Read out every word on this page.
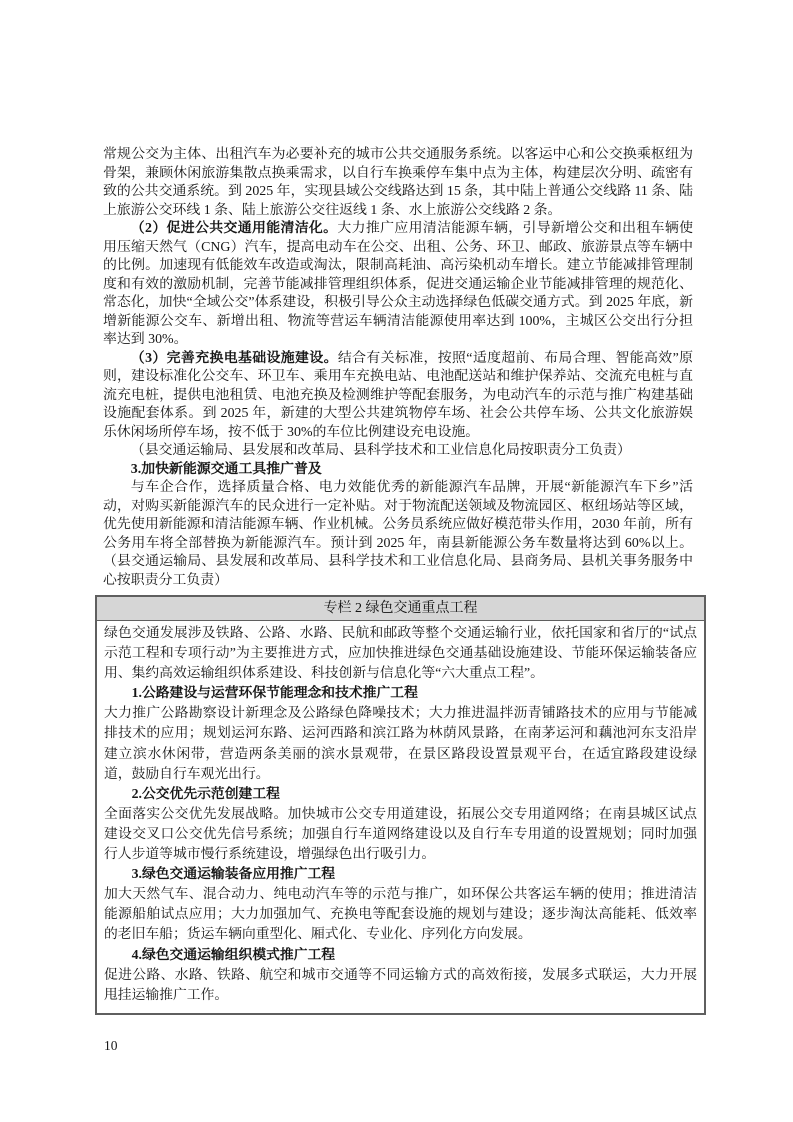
常规公交为主体、出租汽车为必要补充的城市公共交通服务系统。以客运中心和公交换乘枢纽为骨架，兼顾休闲旅游集散点换乘需求，以自行车换乘停车集中点为主体，构建层次分明、疏密有致的公共交通系统。到 2025 年，实现县域公交线路达到 15 条，其中陆上普通公交线路 11 条、陆上旅游公交环线 1 条、陆上旅游公交往返线 1 条、水上旅游公交线路 2 条。

（2）促进公共交通用能清洁化。大力推广应用清洁能源车辆，引导新增公交和出租车辆使用压缩天然气（CNG）汽车，提高电动车在公交、出租、公务、环卫、邮政、旅游景点等车辆中的比例。加速现有低能效车改造或淘汰，限制高耗油、高污染机动车增长。建立节能减排管理制度和有效的激励机制，完善节能减排管理组织体系，促进交通运输企业节能减排管理的规范化、常态化，加快“全域公交”体系建设，积极引导公众主动选择绿色低碳交通方式。到 2025 年底，新增新能源公交车、新增出租、物流等营运车辆清洁能源使用率达到 100%，主城区公交出行分担率达到 30%。

（3）完善充换电基础设施建设。结合有关标准，按照“适度超前、布局合理、智能高效”原则，建设标准化公交车、环卫车、乘用车充换电站、电池配送站和维护保养站、交流充电桩与直流充电桩，提供电池租赁、电池充换及检测维护等配套服务，为电动汽车的示范与推广构建基础设施配套体系。到 2025 年，新建的大型公共建筑物停车场、社会公共停车场、公共文化旅游娱乐休闲场所停车场，按不低于 30%的车位比例建设充电设施。

（县交通运输局、县发展和改革局、县科学技术和工业信息化局按职责分工负责）

3.加快新能源交通工具推广普及

与车企合作，选择质量合格、电力效能优秀的新能源汽车品牌，开展“新能源汽车下乡”活动，对购买新能源汽车的民众进行一定补贴。对于物流配送领域及物流园区、枢纽场站等区域，优先使用新能源和清洁能源车辆、作业机械。公务员系统应做好模范带头作用，2030 年前，所有公务用车将全部替换为新能源汽车。预计到 2025 年，南县新能源公务车数量将达到 60%以上。（县交通运输局、县发展和改革局、县科学技术和工业信息化局、县商务局、县机关事务服务中心按职责分工负责）

专栏 2 绿色交通重点工程

绿色交通发展涉及铁路、公路、水路、民航和邮政等整个交通运输行业，依托国家和省厅的“试点示范工程和专项行动”为主要推进方式，应加快推进绿色交通基础设施建设、节能环保运输装备应用、集约高效运输组织体系建设、科技创新与信息化等“六大重点工程”。

1.公路建设与运营环保节能理念和技术推广工程

大力推广公路勘察设计新理念及公路绿色降噪技术；大力推进温拌沥青铺路技术的应用与节能减排技术的应用；规划运河东路、运河西路和滨江路为林荫风景路，在南茅运河和藕池河东支沿岸建立滨水休闲带，营造两条美丽的滨水景观带，在景区路段设置景观平台，在适宜路段建设绿道，鼓励自行车观光出行。

2.公交优先示范创建工程

全面落实公交优先发展战略。加快城市公交专用道建设，拓展公交专用道网络；在南县城区试点建设交叉口公交优先信号系统；加强自行车道网络建设以及自行车专用道的设置规划；同时加强行人步道等城市慢行系统建设，增强绿色出行吸引力。

3.绿色交通运输装备应用推广工程

加大天然气车、混合动力、纯电动汽车等的示范与推广，如环保公共客运车辆的使用；推进清洁能源船舶试点应用；大力加强加气、充换电等配套设施的规划与建设；逐步淘汰高能耗、低效率的老旧车船；货运车辆向重型化、厢式化、专业化、序列化方向发展。

4.绿色交通运输组织模式推广工程

促进公路、水路、铁路、航空和城市交通等不同运输方式的高效衔接，发展多式联运，大力开展甩挂运输推广工作。

10
